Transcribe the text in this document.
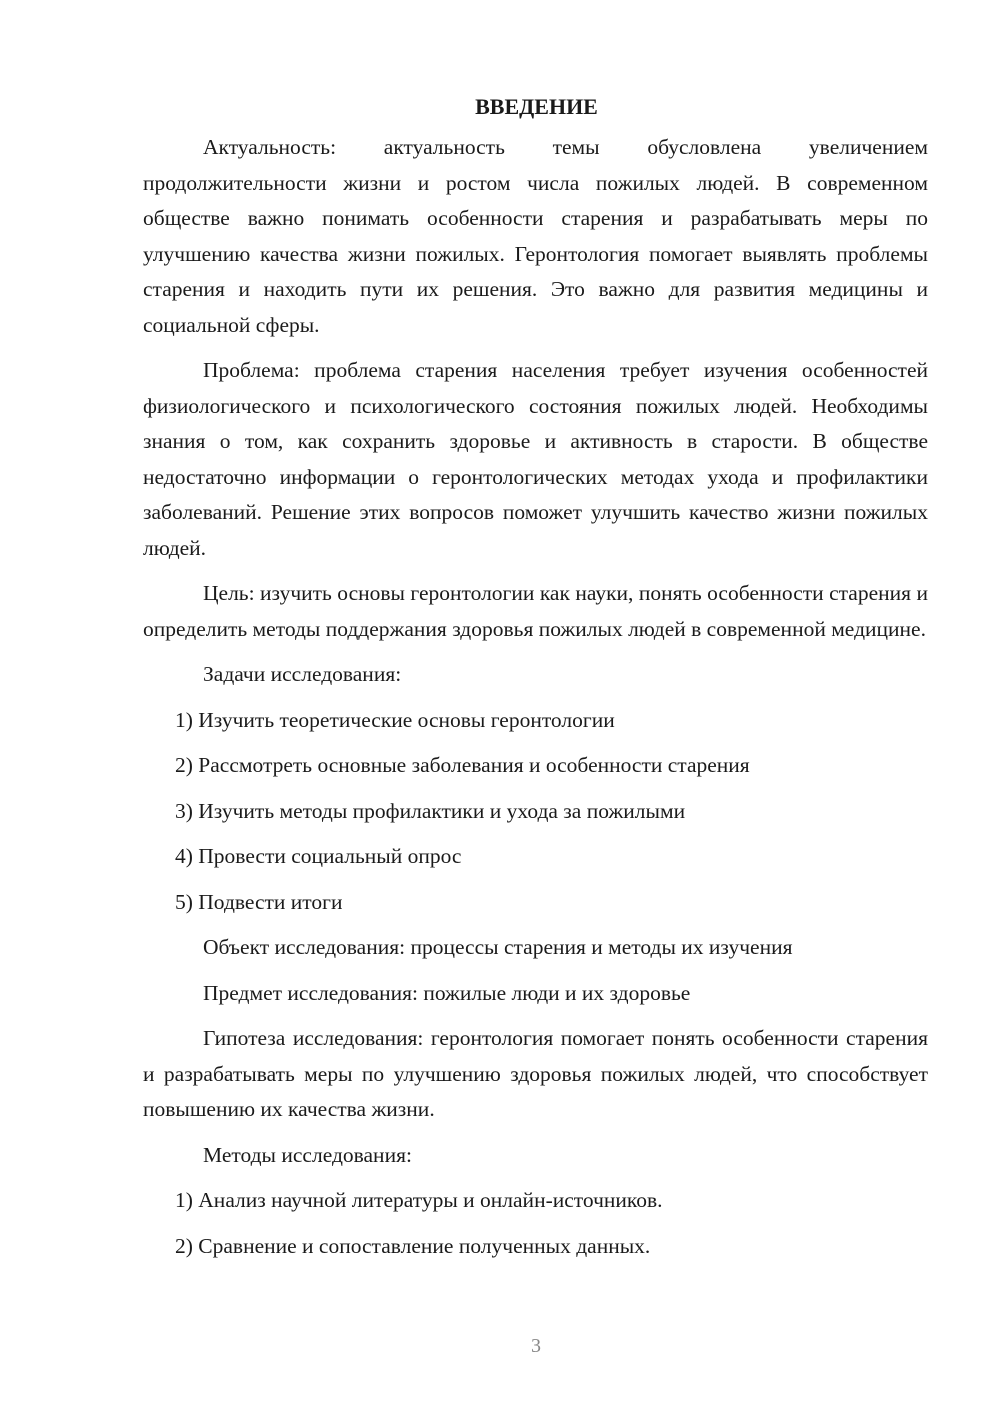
ВВЕДЕНИЕ

Актуальность: актуальность темы обусловлена увеличением продолжительности жизни и ростом числа пожилых людей. В современном обществе важно понимать особенности старения и разрабатывать меры по улучшению качества жизни пожилых. Геронтология помогает выявлять проблемы старения и находить пути их решения. Это важно для развития медицины и социальной сферы.

Проблема: проблема старения населения требует изучения особенностей физиологического и психологического состояния пожилых людей. Необходимы знания о том, как сохранить здоровье и активность в старости. В обществе недостаточно информации о геронтологических методах ухода и профилактики заболеваний. Решение этих вопросов поможет улучшить качество жизни пожилых людей.

Цель: изучить основы геронтологии как науки, понять особенности старения и определить методы поддержания здоровья пожилых людей в современной медицине.

Задачи исследования:

1) Изучить теоретические основы геронтологии
2) Рассмотреть основные заболевания и особенности старения
3) Изучить методы профилактики и ухода за пожилыми
4) Провести социальный опрос
5) Подвести итоги

Объект исследования: процессы старения и методы их изучения

Предмет исследования: пожилые люди и их здоровье

Гипотеза исследования: геронтология помогает понять особенности старения и разрабатывать меры по улучшению здоровья пожилых людей, что способствует повышению их качества жизни.

Методы исследования:

1) Анализ научной литературы и онлайн-источников.
2) Сравнение и сопоставление полученных данных.
3
